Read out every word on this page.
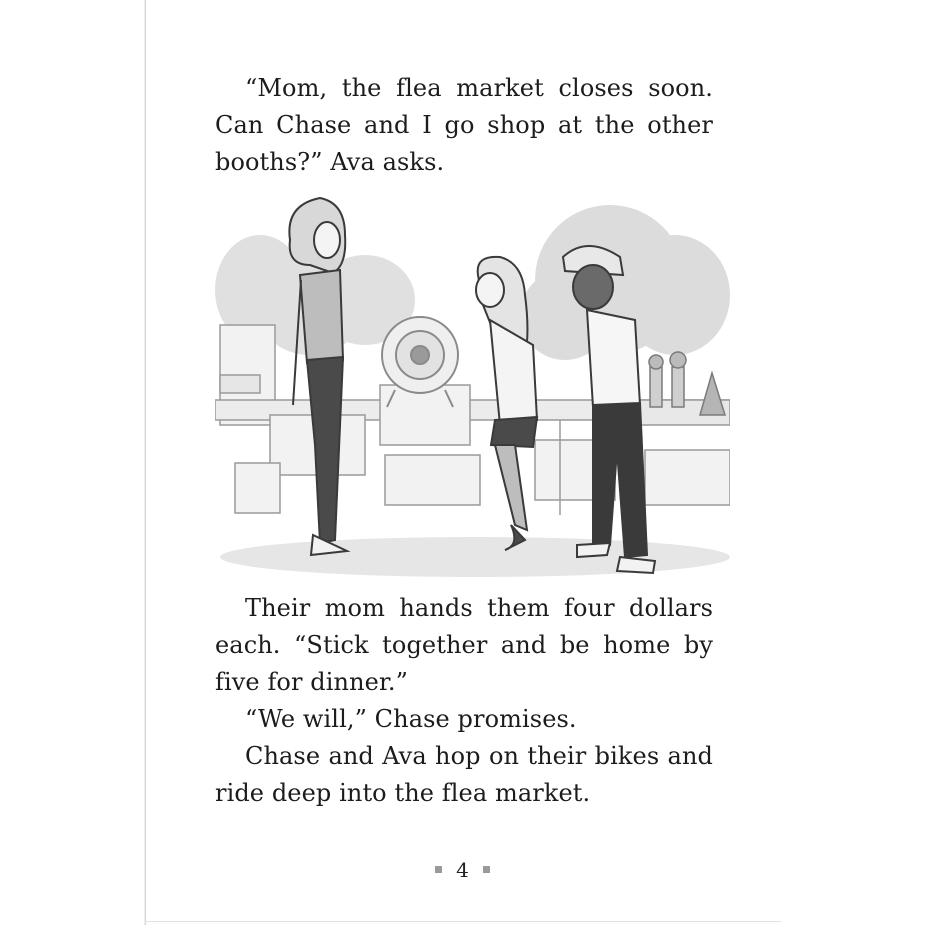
“Mom, the flea market closes soon. Can Chase and I go shop at the other booths?” Ava asks.

Their mom hands them four dollars each. “Stick together and be home by five for dinner.”

“We will,” Chase promises.

Chase and Ava hop on their bikes and ride deep into the flea market.

4
